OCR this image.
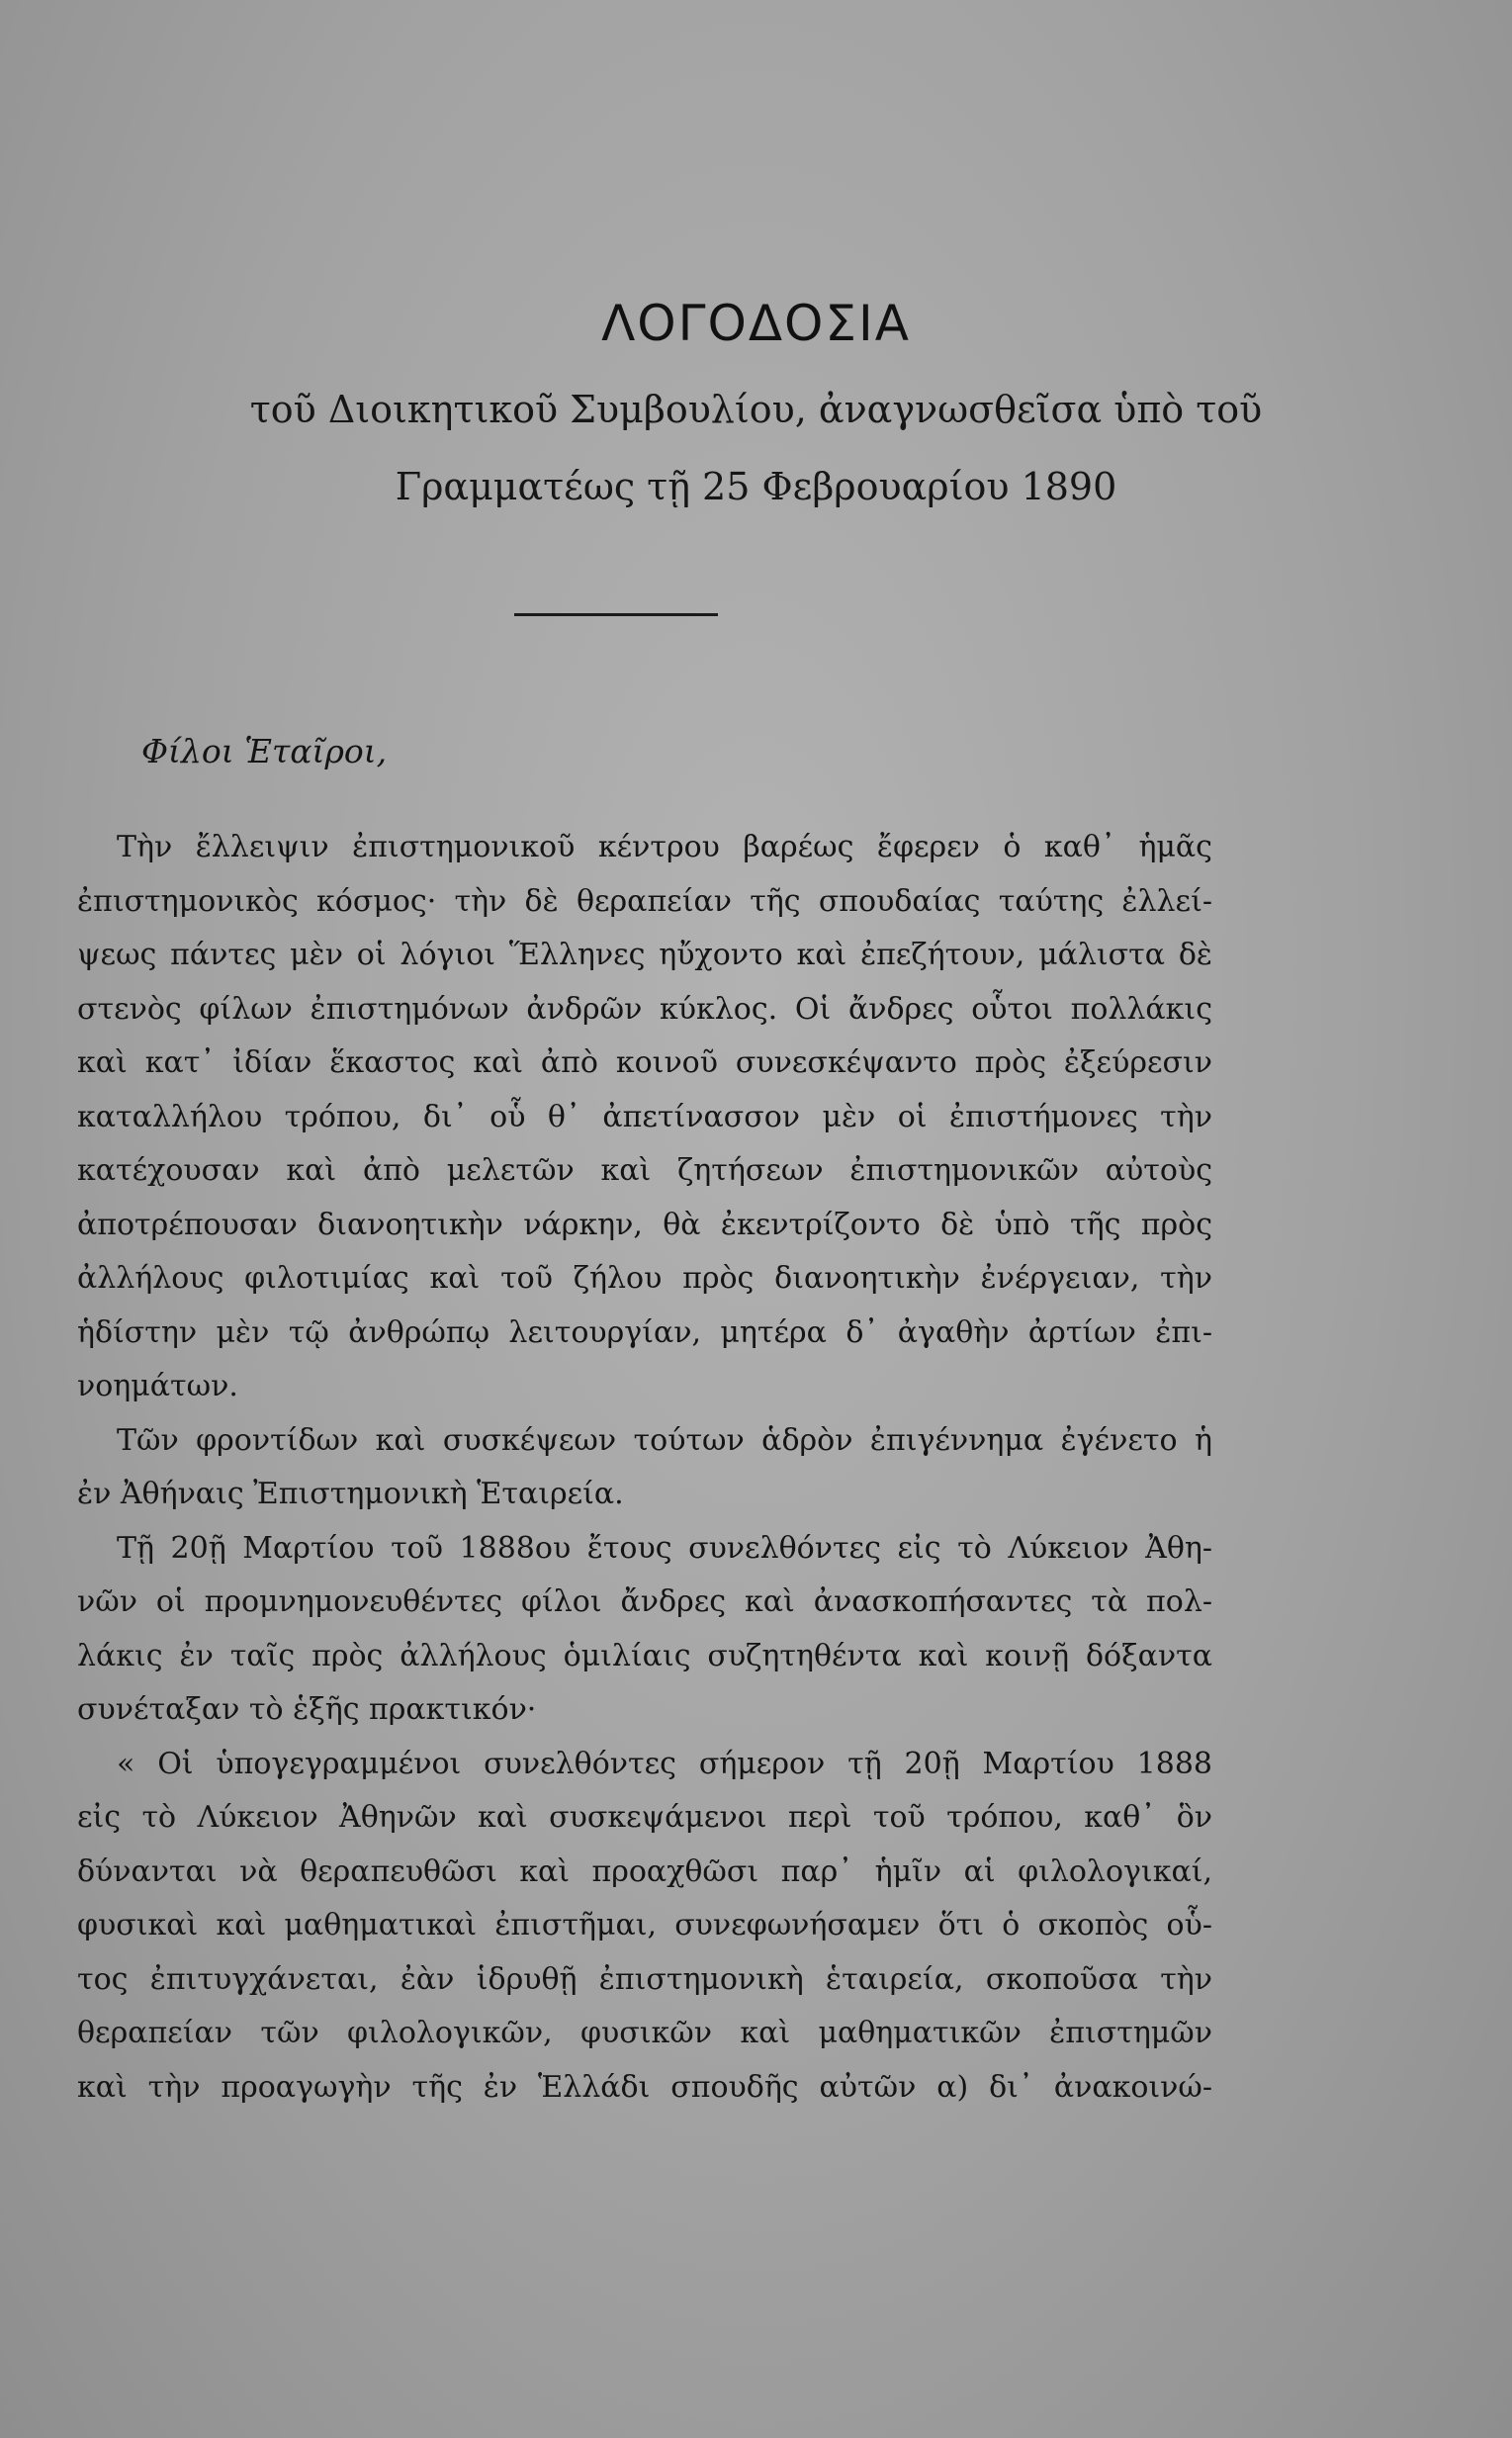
ΛΟΓΟΔΟΣΙΑ
τοῦ Διοικητικοῦ Συμβουλίου, ἀναγνωσθεῖσα ὑπὸ τοῦ
Γραμματέως τῇ 25 Φεβρουαρίου 1890
Φίλοι Ἑταῖροι,
Τὴν ἔλλειψιν ἐπιστημονικοῦ κέντρου βαρέως ἔφερεν ὁ καθ᾽ ἡμᾶς
ἐπιστημονικὸς κόσμος· τὴν δὲ θεραπείαν τῆς σπουδαίας ταύτης ἐλλεί-
ψεως πάντες μὲν οἱ λόγιοι Ἕλληνες ηὔχοντο καὶ ἐπεζήτουν, μάλιστα δὲ
στενὸς φίλων ἐπιστημόνων ἀνδρῶν κύκλος. Οἱ ἄνδρες οὗτοι πολλάκις
καὶ κατ᾽ ἰδίαν ἕκαστος καὶ ἀπὸ κοινοῦ συνεσκέψαντο πρὸς ἐξεύρεσιν
καταλλήλου τρόπου, δι᾽ οὗ θ᾽ ἀπετίνασσον μὲν οἱ ἐπιστήμονες τὴν
κατέχουσαν καὶ ἀπὸ μελετῶν καὶ ζητήσεων ἐπιστημονικῶν αὐτοὺς
ἀποτρέπουσαν διανοητικὴν νάρκην, θὰ ἐκεντρίζοντο δὲ ὑπὸ τῆς πρὸς
ἀλλήλους φιλοτιμίας καὶ τοῦ ζήλου πρὸς διανοητικὴν ἐνέργειαν, τὴν
ἡδίστην μὲν τῷ ἀνθρώπῳ λειτουργίαν, μητέρα δ᾽ ἀγαθὴν ἀρτίων ἐπι-
νοημάτων.
Τῶν φροντίδων καὶ συσκέψεων τούτων ἁδρὸν ἐπιγέννημα ἐγένετο ἡ
ἐν Ἀθήναις Ἐπιστημονικὴ Ἑταιρεία.
Τῇ 20ῇ Μαρτίου τοῦ 1888ου ἔτους συνελθόντες εἰς τὸ Λύκειον Ἀθη-
νῶν οἱ προμνημονευθέντες φίλοι ἄνδρες καὶ ἀνασκοπήσαντες τὰ πολ-
λάκις ἐν ταῖς πρὸς ἀλλήλους ὁμιλίαις συζητηθέντα καὶ κοινῇ δόξαντα
συνέταξαν τὸ ἑξῆς πρακτικόν·
« Οἱ ὑπογεγραμμένοι συνελθόντες σήμερον τῇ 20ῇ Μαρτίου 1888
εἰς τὸ Λύκειον Ἀθηνῶν καὶ συσκεψάμενοι περὶ τοῦ τρόπου, καθ᾽ ὃν
δύνανται νὰ θεραπευθῶσι καὶ προαχθῶσι παρ᾽ ἡμῖν αἱ φιλολογικαί,
φυσικαὶ καὶ μαθηματικαὶ ἐπιστῆμαι, συνεφωνήσαμεν ὅτι ὁ σκοπὸς οὗ-
τος ἐπιτυγχάνεται, ἐὰν ἱδρυθῇ ἐπιστημονικὴ ἑταιρεία, σκοποῦσα τὴν
θεραπείαν τῶν φιλολογικῶν, φυσικῶν καὶ μαθηματικῶν ἐπιστημῶν
καὶ τὴν προαγωγὴν τῆς ἐν Ἑλλάδι σπουδῆς αὐτῶν α) δι᾽ ἀνακοινώ-
